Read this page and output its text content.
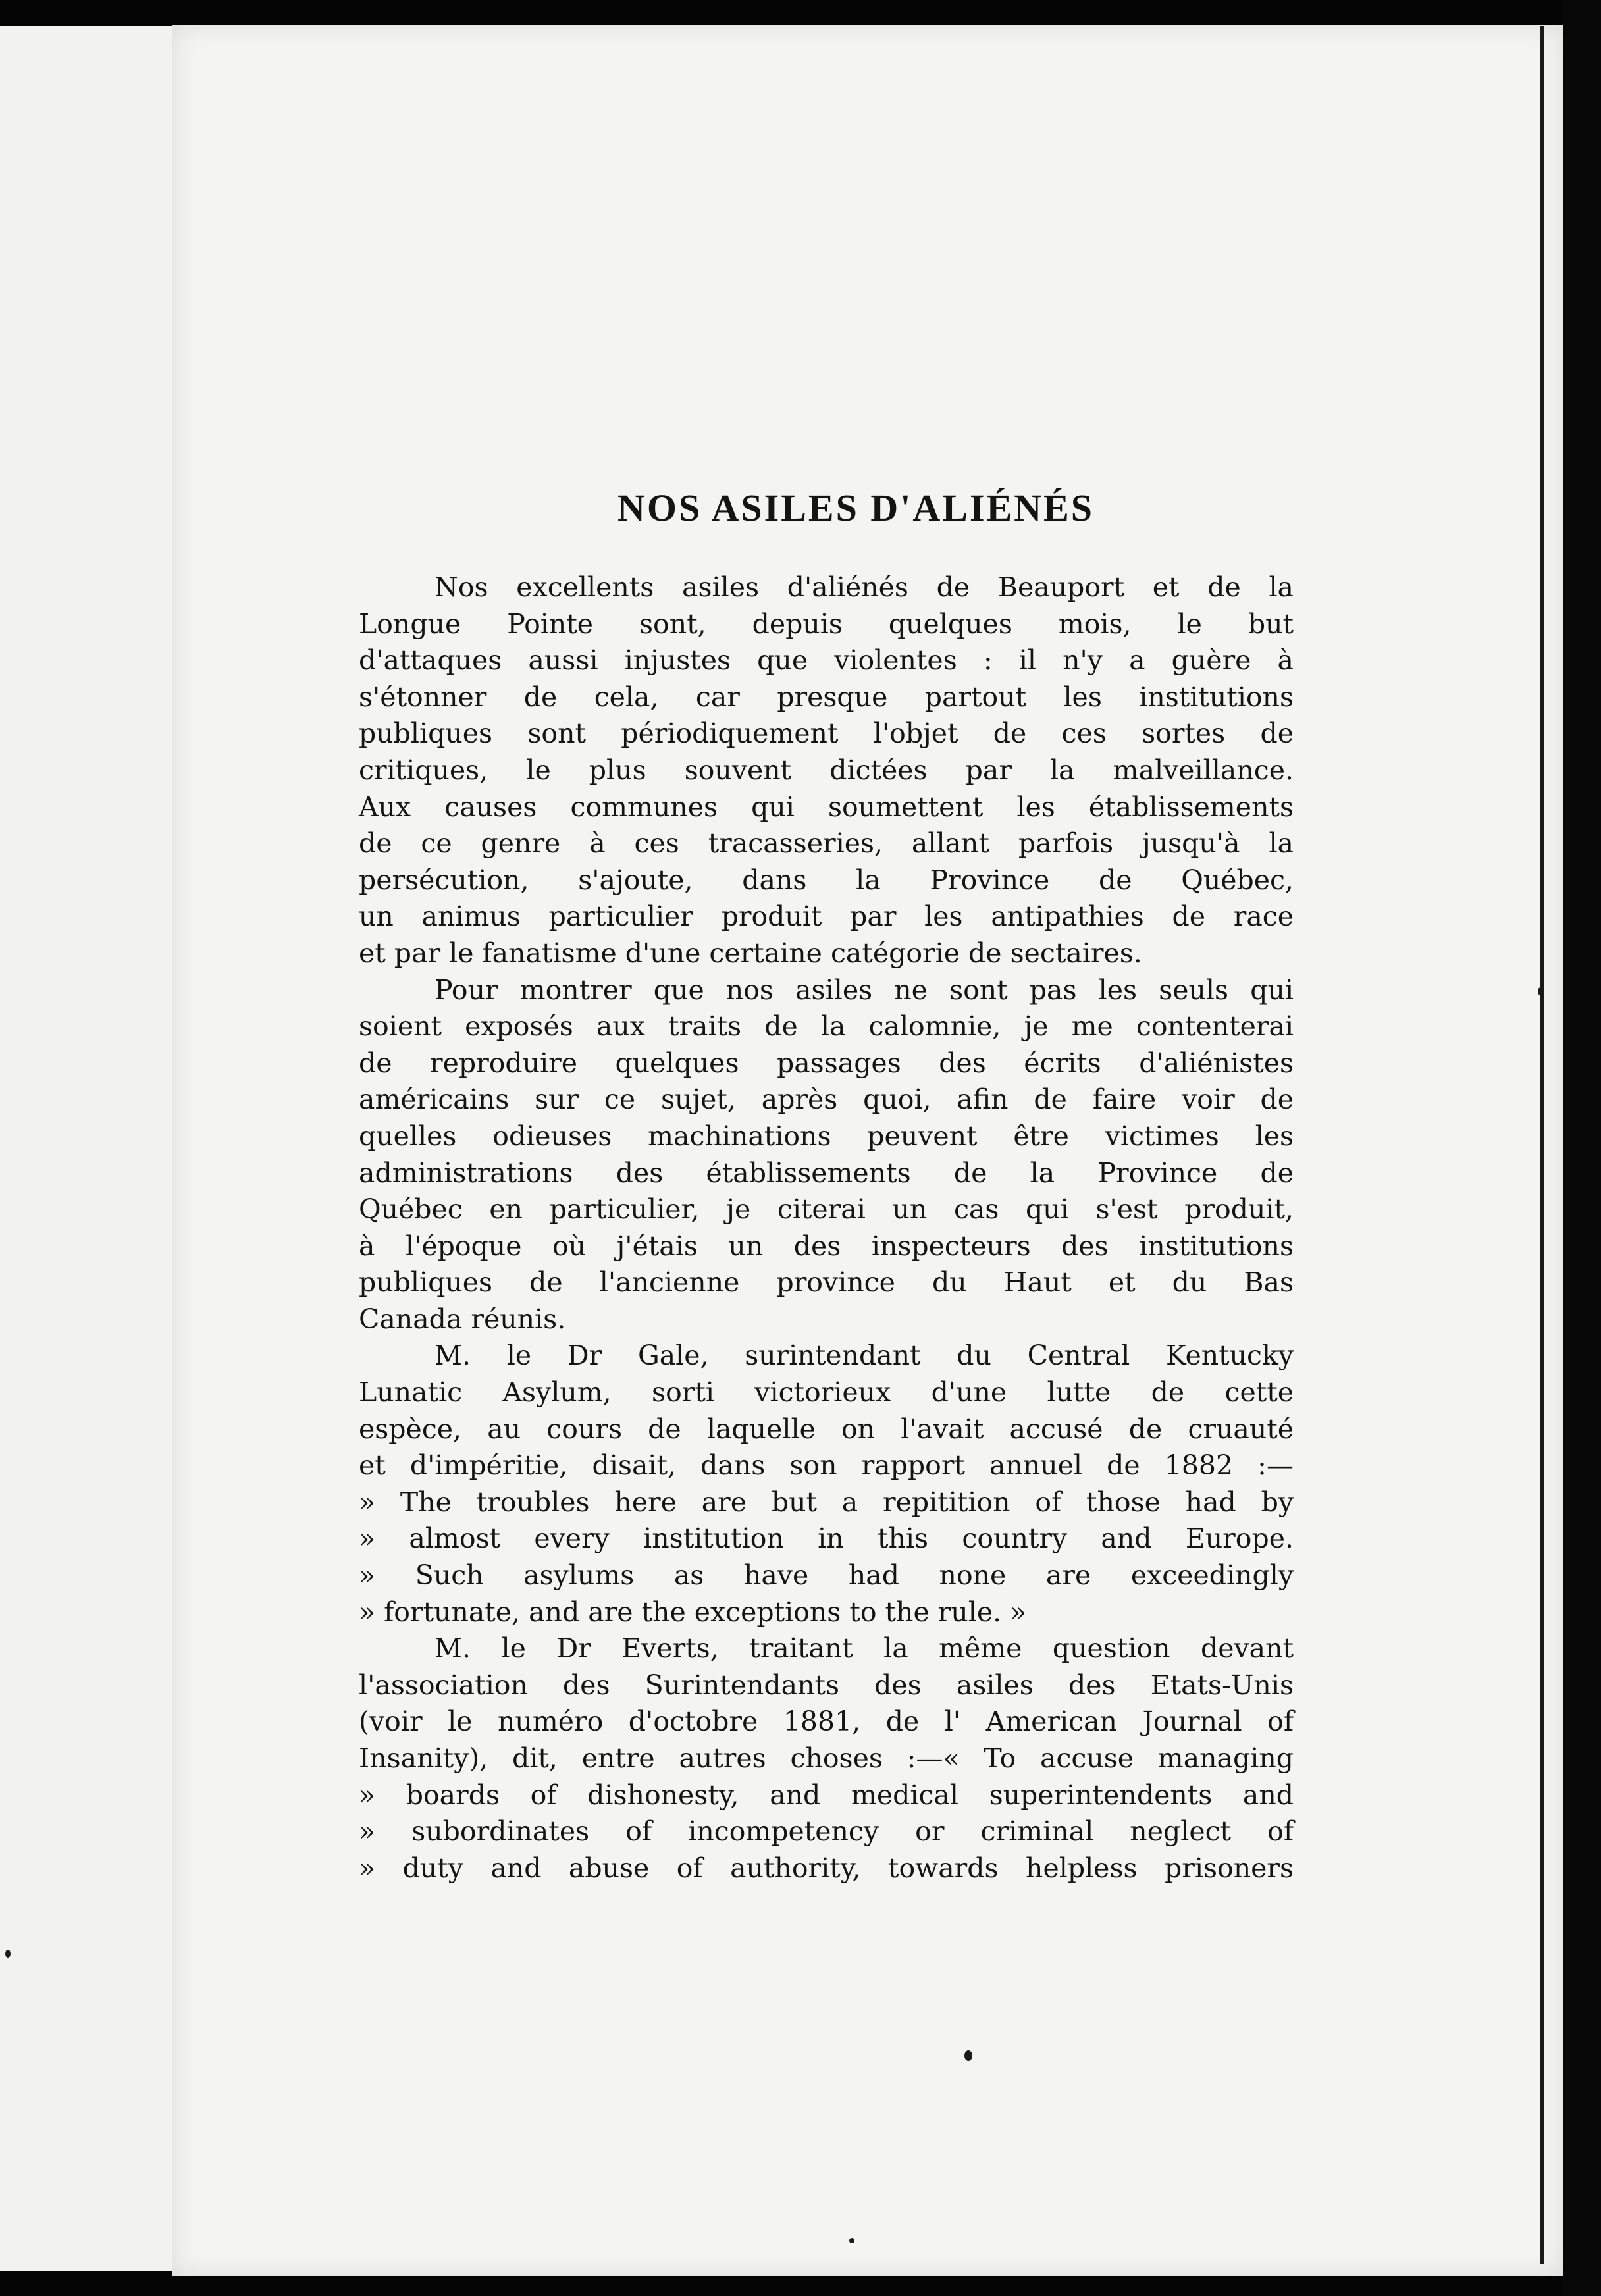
NOS ASILES D'ALIÉNÉS
Nos excellents asiles d'aliénés de Beauport et de la
Longue Pointe sont, depuis quelques mois, le but
d'attaques aussi injustes que violentes : il n'y a guère à
s'étonner de cela, car presque partout les institutions
publiques sont périodiquement l'objet de ces sortes de
critiques, le plus souvent dictées par la malveillance.
Aux causes communes qui soumettent les établissements
de ce genre à ces tracasseries, allant parfois jusqu'à la
persécution, s'ajoute, dans la Province de Québec,
un animus particulier produit par les antipathies de race
et par le fanatisme d'une certaine catégorie de sectaires.
Pour montrer que nos asiles ne sont pas les seuls qui
soient exposés aux traits de la calomnie, je me contenterai
de reproduire quelques passages des écrits d'aliénistes
américains sur ce sujet, après quoi, afin de faire voir de
quelles odieuses machinations peuvent être victimes les
administrations des établissements de la Province de
Québec en particulier, je citerai un cas qui s'est produit,
à l'époque où j'étais un des inspecteurs des institutions
publiques de l'ancienne province du Haut et du Bas
Canada réunis.
M. le Dr Gale, surintendant du Central Kentucky
Lunatic Asylum, sorti victorieux d'une lutte de cette
espèce, au cours de laquelle on l'avait accusé de cruauté
et d'impéritie, disait, dans son rapport annuel de 1882 :—
» The troubles here are but a repitition of those had by
» almost every institution in this country and Europe.
» Such asylums as have had none are exceedingly
» fortunate, and are the exceptions to the rule. »
M. le Dr Everts, traitant la même question devant
l'association des Surintendants des asiles des Etats-Unis
(voir le numéro d'octobre 1881, de l' American Journal of
Insanity), dit, entre autres choses :—« To accuse managing
» boards of dishonesty, and medical superintendents and
» subordinates of incompetency or criminal neglect of
» duty and abuse of authority, towards helpless prisoners
